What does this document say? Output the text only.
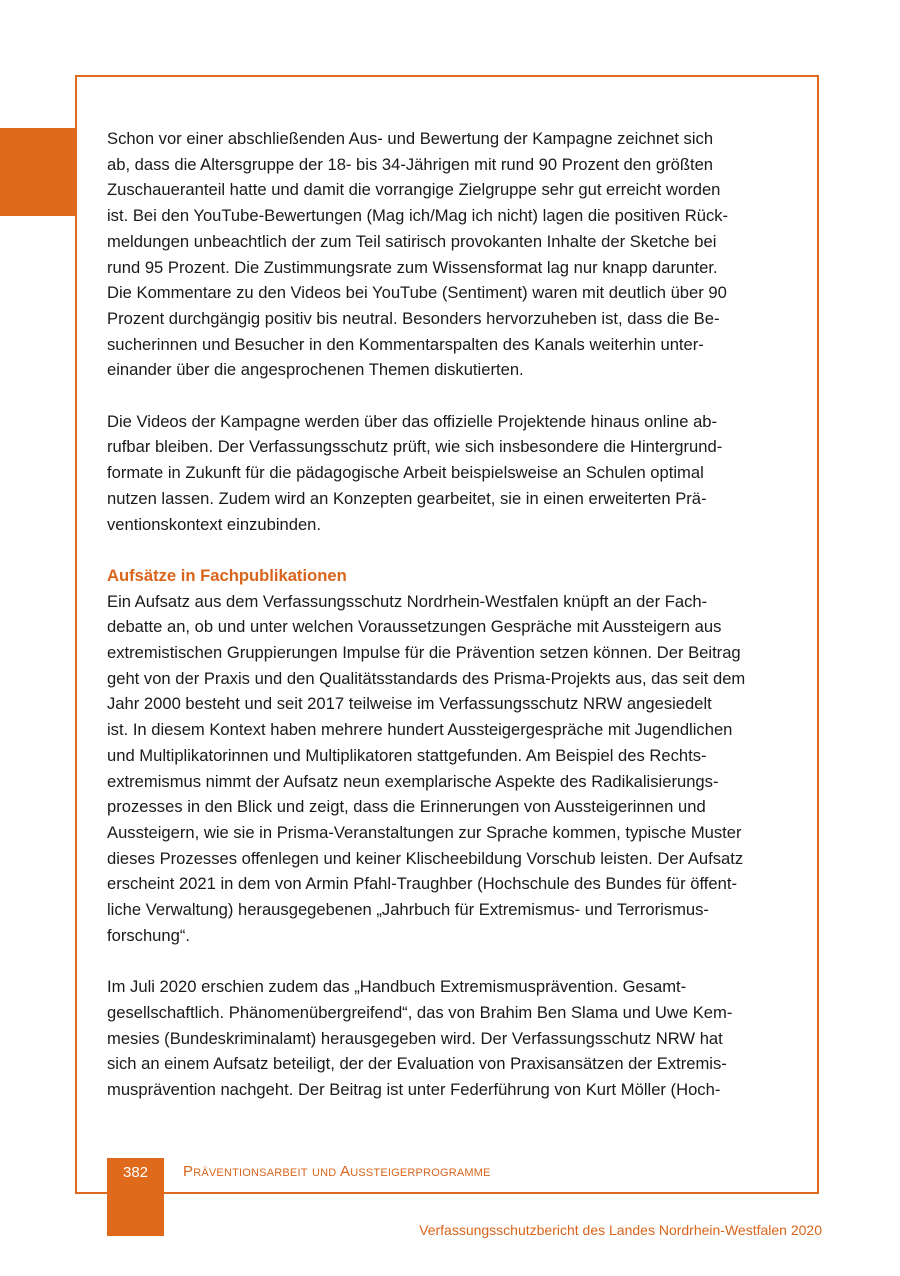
Schon vor einer abschließenden Aus- und Bewertung der Kampagne zeichnet sich

ab, dass die Altersgruppe der 18- bis 34-Jährigen mit rund 90 Prozent den größten

Zuschaueranteil hatte und damit die vorrangige Zielgruppe sehr gut erreicht worden

ist. Bei den YouTube-Bewertungen (Mag ich/Mag ich nicht) lagen die positiven Rück-

meldungen unbeachtlich der zum Teil satirisch provokanten Inhalte der Sketche bei

rund 95 Prozent. Die Zustimmungsrate zum Wissensformat lag nur knapp darunter.

Die Kommentare zu den Videos bei YouTube (Sentiment) waren mit deutlich über 90

Prozent durchgängig positiv bis neutral. Besonders hervorzuheben ist, dass die Be-

sucherinnen und Besucher in den Kommentarspalten des Kanals weiterhin unter-

einander über die angesprochenen Themen diskutierten.

Die Videos der Kampagne werden über das offizielle Projektende hinaus online ab-

rufbar bleiben. Der Verfassungsschutz prüft, wie sich insbesondere die Hintergrund-

formate in Zukunft für die pädagogische Arbeit beispielsweise an Schulen optimal

nutzen lassen. Zudem wird an Konzepten gearbeitet, sie in einen erweiterten Prä-

ventionskontext einzubinden.

Aufsätze in Fachpublikationen

Ein Aufsatz aus dem Verfassungsschutz Nordrhein-Westfalen knüpft an der Fach-

debatte an, ob und unter welchen Voraussetzungen Gespräche mit Aussteigern aus

extremistischen Gruppierungen Impulse für die Prävention setzen können. Der Beitrag

geht von der Praxis und den Qualitätsstandards des Prisma-Projekts aus, das seit dem

Jahr 2000 besteht und seit 2017 teilweise im Verfassungsschutz NRW angesiedelt

ist. In diesem Kontext haben mehrere hundert Aussteigergespräche mit Jugendlichen

und Multiplikatorinnen und Multiplikatoren stattgefunden. Am Beispiel des Rechts-

extremismus nimmt der Aufsatz neun exemplarische Aspekte des Radikalisierungs-

prozesses in den Blick und zeigt, dass die Erinnerungen von Aussteigerinnen und

Aussteigern, wie sie in Prisma-Veranstaltungen zur Sprache kommen, typische Muster

dieses Prozesses offenlegen und keiner Klischeebildung Vorschub leisten. Der Aufsatz

erscheint 2021 in dem von Armin Pfahl-Traughber (Hochschule des Bundes für öffent-

liche Verwaltung) herausgegebenen „Jahrbuch für Extremismus- und Terrorismus-

forschung“.

Im Juli 2020 erschien zudem das „Handbuch Extremismusprävention. Gesamt-

gesellschaftlich. Phänomenübergreifend“, das von Brahim Ben Slama und Uwe Kem-

mesies (Bundeskriminalamt) herausgegeben wird. Der Verfassungsschutz NRW hat

sich an einem Aufsatz beteiligt, der der Evaluation von Praxisansätzen der Extremis-

musprävention nachgeht. Der Beitrag ist unter Federführung von Kurt Möller (Hoch-

382	Präventionsarbeit und Aussteigerprogramme
Verfassungsschutzbericht des Landes Nordrhein-Westfalen 2020
